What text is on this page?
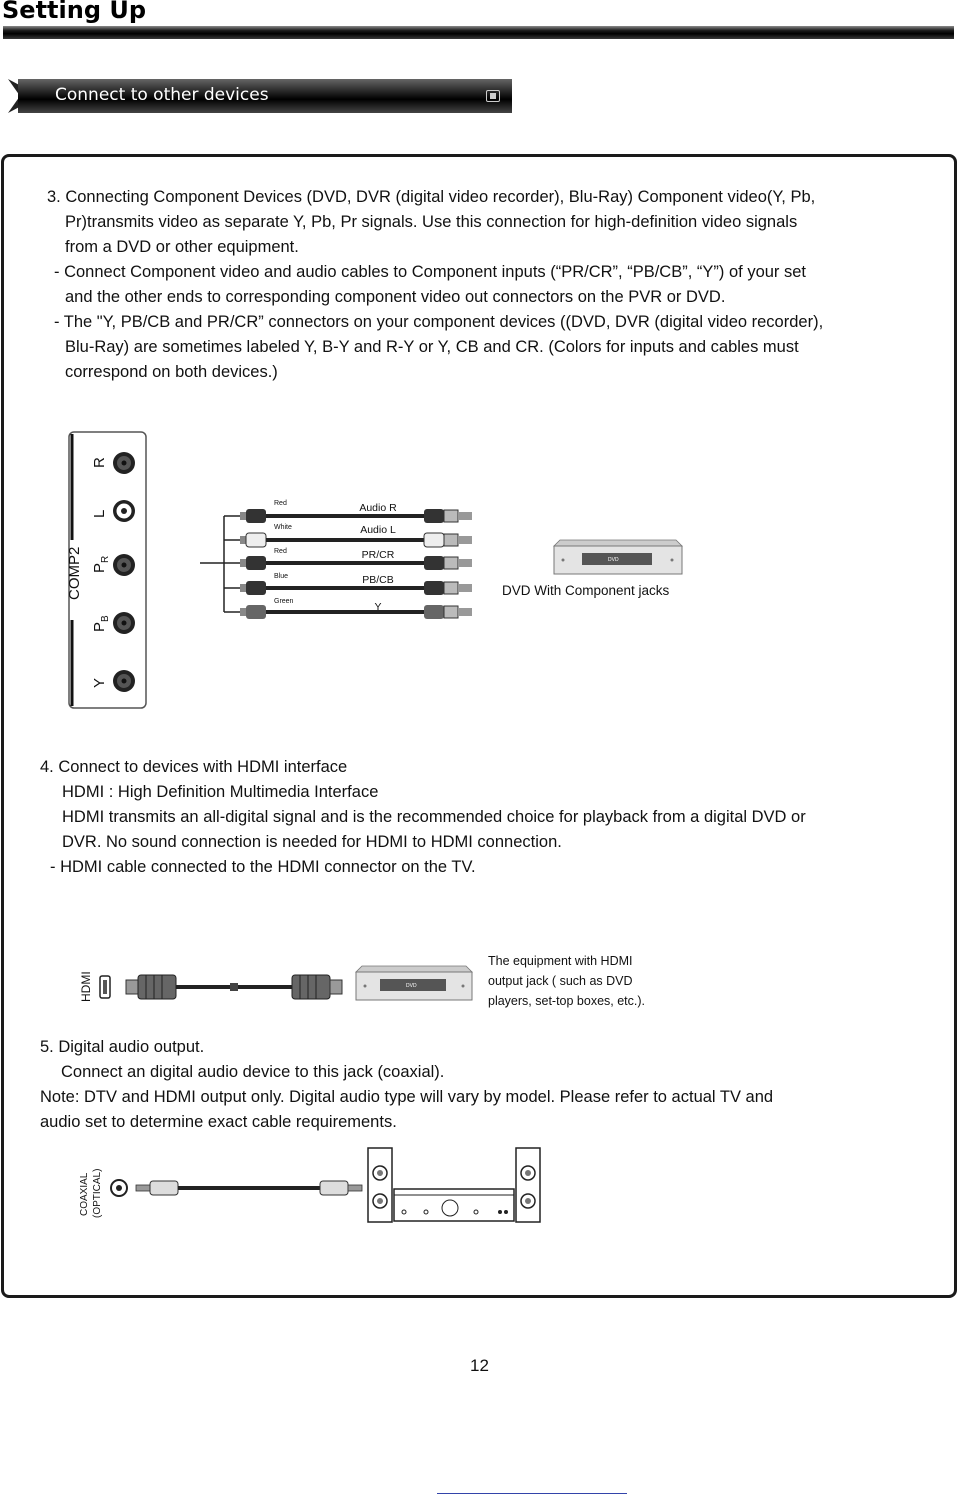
Setting Up
Connect to other devices
3. Connecting Component Devices (DVD, DVR (digital video recorder), Blu-Ray) Component video(Y, Pb,
Pr)transmits video as separate Y, Pb, Pr signals. Use this connection for high-definition video signals
from a DVD or other equipment.
- Connect Component video and audio cables to Component inputs (“PR/CR”, “PB/CB”, “Y”) of your set
and the other ends to corresponding component video out connectors on the PVR or DVD.
- The "Y, PB/CB and PR/CR” connectors on your component devices ((DVD, DVR (digital video recorder),
Blu-Ray) are sometimes labeled Y, B-Y and R-Y or Y, CB and CR. (Colors for inputs and cables must
correspond on both devices.)
COMP2
R
L
$P_R$
$P_B$
Y
Red
White
Red
Blue
Green
Audio R
Audio L
PR/CR
PB/CB
Y
DVD
DVD With Component jacks
4. Connect to devices with HDMI interface
HDMI : High Definition Multimedia Interface
HDMI transmits an all-digital signal and is the recommended choice for playback from a digital DVD or
DVR. No sound connection is needed for HDMI to HDMI connection.
- HDMI cable connected to the HDMI connector on the TV.
HDMI	DVD
The equipment with HDMI
output jack ( such as DVD
players, set-top boxes, etc.).
5. Digital audio output.
Connect an digital audio device to this jack (coaxial).
Note: DTV and HDMI output only. Digital audio type will vary by model. Please refer to actual TV and
audio set to determine exact cable requirements.
COAXIAL (OPTICAL)
12
